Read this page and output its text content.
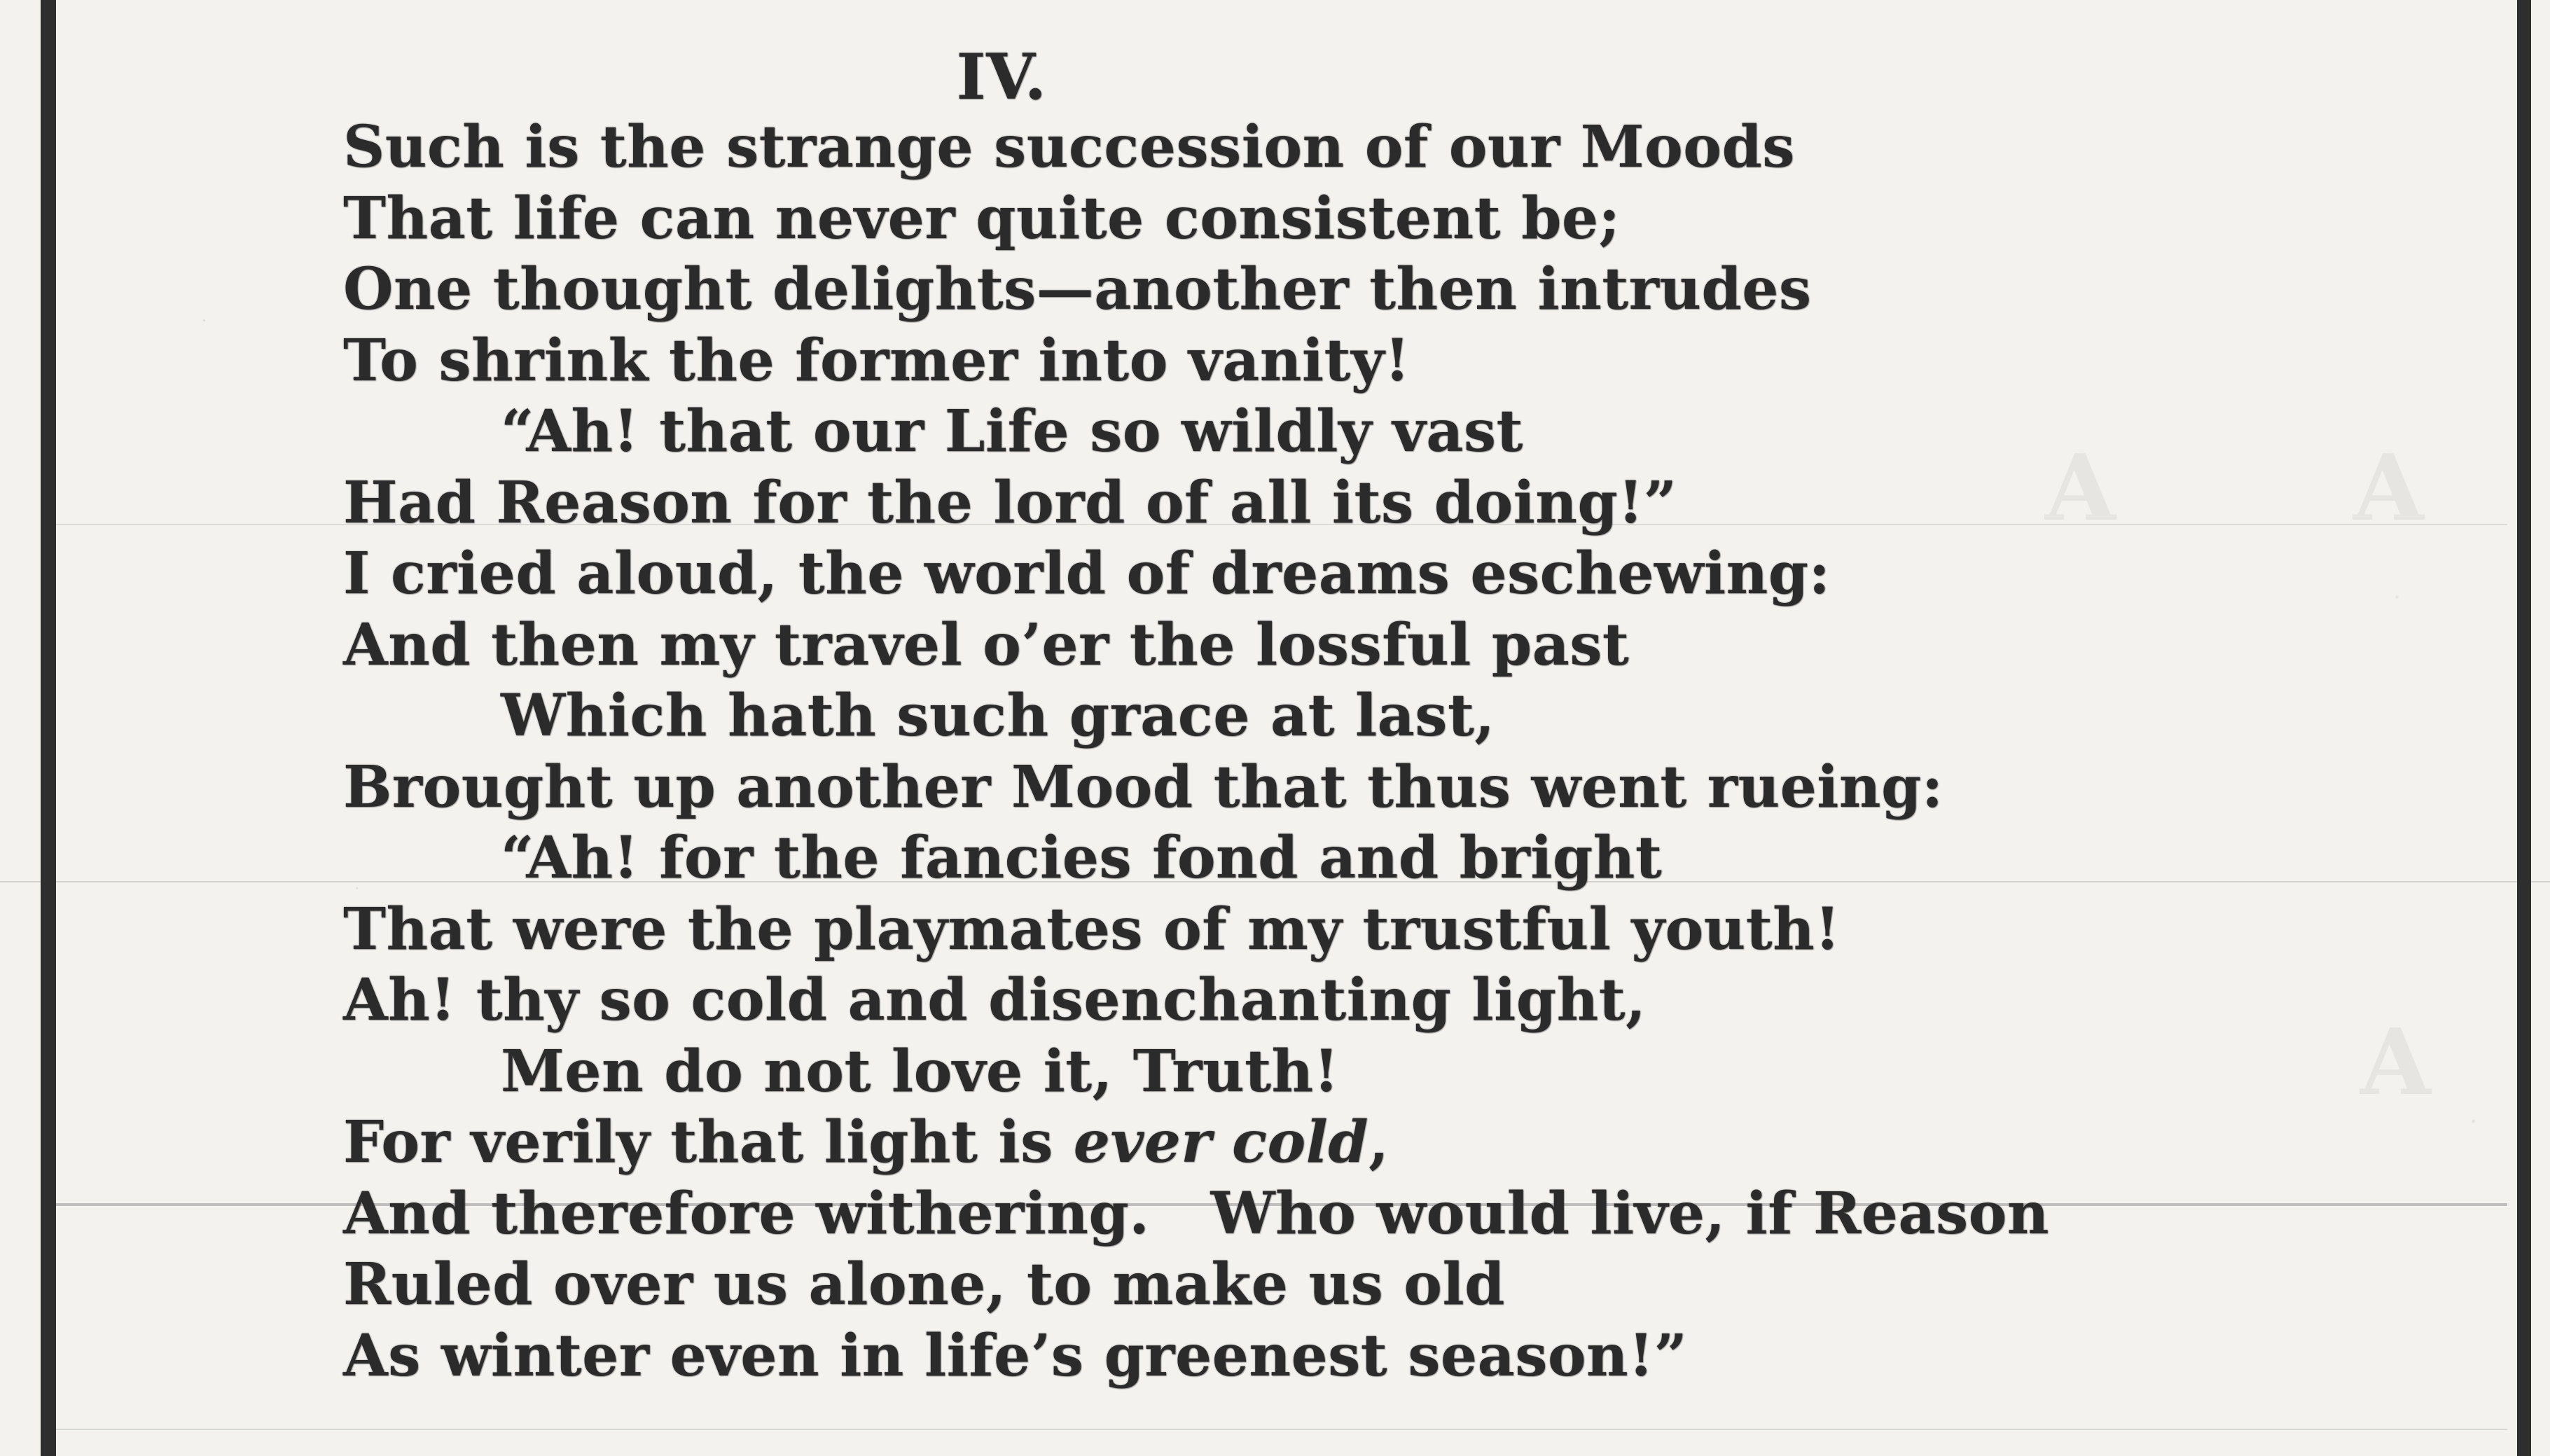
A A
A
IV.
Such is the strange succession of our Moods
That life can never quite consistent be;
One thought delights—another then intrudes
To shrink the former into vanity!
“Ah! that our Life so wildly vast
Had Reason for the lord of all its doing!”
I cried aloud, the world of dreams eschewing:
And then my travel o’er the lossful past
Which hath such grace at last,
Brought up another Mood that thus went rueing:
“Ah! for the fancies fond and bright
That were the playmates of my trustful youth!
Ah! thy so cold and disenchanting light,
Men do not love it, Truth!
For verily that light is ever cold,
And therefore withering.   Who would live, if Reason
Ruled over us alone, to make us old
As winter even in life’s greenest season!”
